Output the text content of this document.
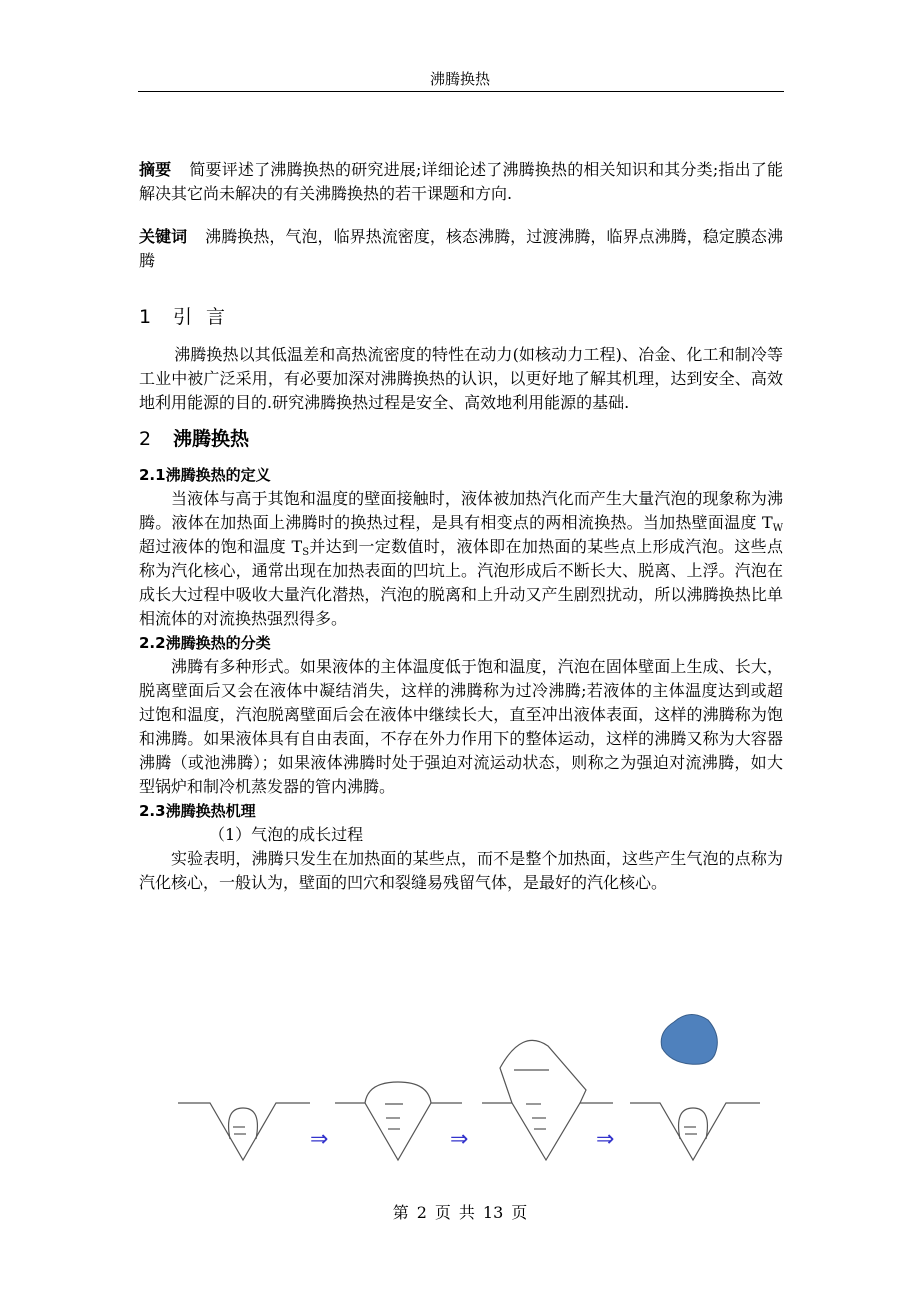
沸腾换热

摘要 简要评述了沸腾换热的研究进展;详细论述了沸腾换热的相关知识和其分类;指出了能解决其它尚未解决的有关沸腾换热的若干课题和方向.

关键词 沸腾换热，气泡，临界热流密度，核态沸腾，过渡沸腾，临界点沸腾，稳定膜态沸腾

1 引言

沸腾换热以其低温差和高热流密度的特性在动力(如核动力工程)、冶金、化工和制冷等工业中被广泛采用，有必要加深对沸腾换热的认识，以更好地了解其机理，达到安全、高效地利用能源的目的.研究沸腾换热过程是安全、高效地利用能源的基础.

2 沸腾换热
2.1沸腾换热的定义

当液体与高于其饱和温度的壁面接触时，液体被加热汽化而产生大量汽泡的现象称为沸腾。液体在加热面上沸腾时的换热过程，是具有相变点的两相流换热。当加热壁面温度 $T_W$超过液体的饱和温度 $T_S$并达到一定数值时，液体即在加热面的某些点上形成汽泡。这些点称为汽化核心，通常出现在加热表面的凹坑上。汽泡形成后不断长大、脱离、上浮。汽泡在成长大过程中吸收大量汽化潜热，汽泡的脱离和上升动又产生剧烈扰动，所以沸腾换热比单相流体的对流换热强烈得多。

2.2沸腾换热的分类

沸腾有多种形式。如果液体的主体温度低于饱和温度，汽泡在固体壁面上生成、长大，脱离壁面后又会在液体中凝结消失，这样的沸腾称为过冷沸腾;若液体的主体温度达到或超过饱和温度，汽泡脱离壁面后会在液体中继续长大，直至冲出液体表面，这样的沸腾称为饱和沸腾。如果液体具有自由表面，不存在外力作用下的整体运动，这样的沸腾又称为大容器沸腾（或池沸腾）；如果液体沸腾时处于强迫对流运动状态，则称之为强迫对流沸腾，如大型锅炉和制冷机蒸发器的管内沸腾。

2.3沸腾换热机理

（1）气泡的成长过程

实验表明，沸腾只发生在加热面的某些点，而不是整个加热面，这些产生气泡的点称为汽化核心，一般认为，壁面的凹穴和裂缝易残留气体，是最好的汽化核心。

⇒	⇒	⇒
第 2 页 共 13 页
